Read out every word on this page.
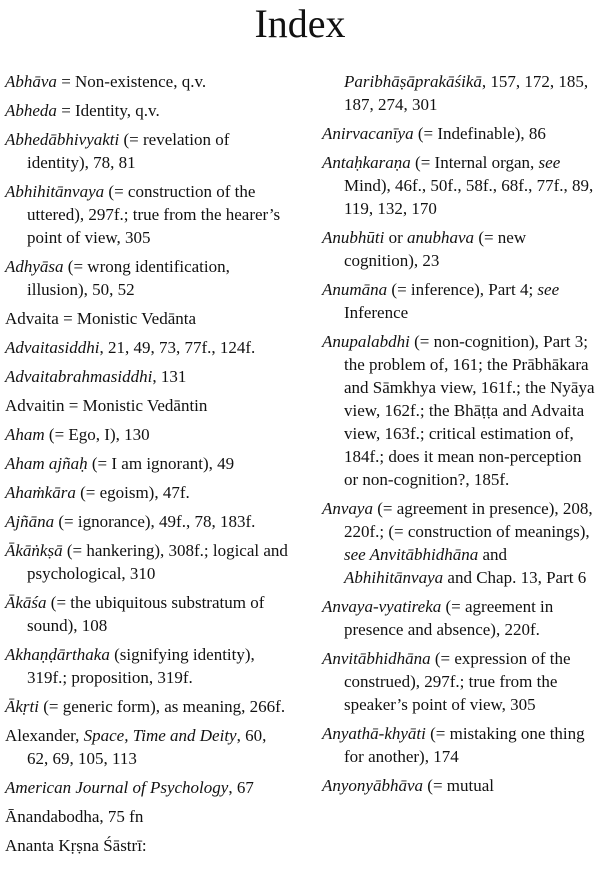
Index
Abhāva = Non-existence, q.v.
Abheda = Identity, q.v.
Abhedābhivyakti (= revelation of identity), 78, 81
Abhihitānvaya (= construction of the uttered), 297f.; true from the hearer’s point of view, 305
Adhyāsa (= wrong identification, illusion), 50, 52
Advaita = Monistic Vedānta
Advaitasiddhi, 21, 49, 73, 77f., 124f.
Advaitabrahmasiddhi, 131
Advaitin = Monistic Vedāntin
Aham (= Ego, I), 130
Aham ajñaḥ (= I am ignorant), 49
Ahaṁkāra (= egoism), 47f.
Ajñāna (= ignorance), 49f., 78, 183f.
Ākāṅkṣā (= hankering), 308f.; logical and psychological, 310
Ākāśa (= the ubiquitous substratum of sound), 108
Akhaṇḍārthaka (signifying identity), 319f.; proposition, 319f.
Ākṛti (= generic form), as meaning, 266f.
Alexander, Space, Time and Deity, 60, 62, 69, 105, 113
American Journal of Psychology, 67
Ānandabodha, 75 fn
Ananta Kṛṣna Śāstrī:
Paribhāṣāprakāśikā, 157, 172, 185, 187, 274, 301
Anirvacanīya (= Indefinable), 86
Antaḥkaraṇa (= Internal organ, see Mind), 46f., 50f., 58f., 68f., 77f., 89, 119, 132, 170
Anubhūti or anubhava (= new cognition), 23
Anumāna (= inference), Part 4; see Inference
Anupalabdhi (= non-cognition), Part 3; the problem of, 161; the Prābhākara and Sāmkhya view, 161f.; the Nyāya view, 162f.; the Bhāṭṭa and Advaita view, 163f.; critical estimation of, 184f.; does it mean non-perception or non-cognition?, 185f.
Anvaya (= agreement in presence), 208, 220f.; (= construction of meanings), see Anvitābhidhāna and Abhihitānvaya and Chap. 13, Part 6
Anvaya-vyatireka (= agreement in presence and absence), 220f.
Anvitābhidhāna (= expression of the construed), 297f.; true from the speaker’s point of view, 305
Anyathā-khyāti (= mistaking one thing for another), 174
Anyonyābhāva (= mutual
